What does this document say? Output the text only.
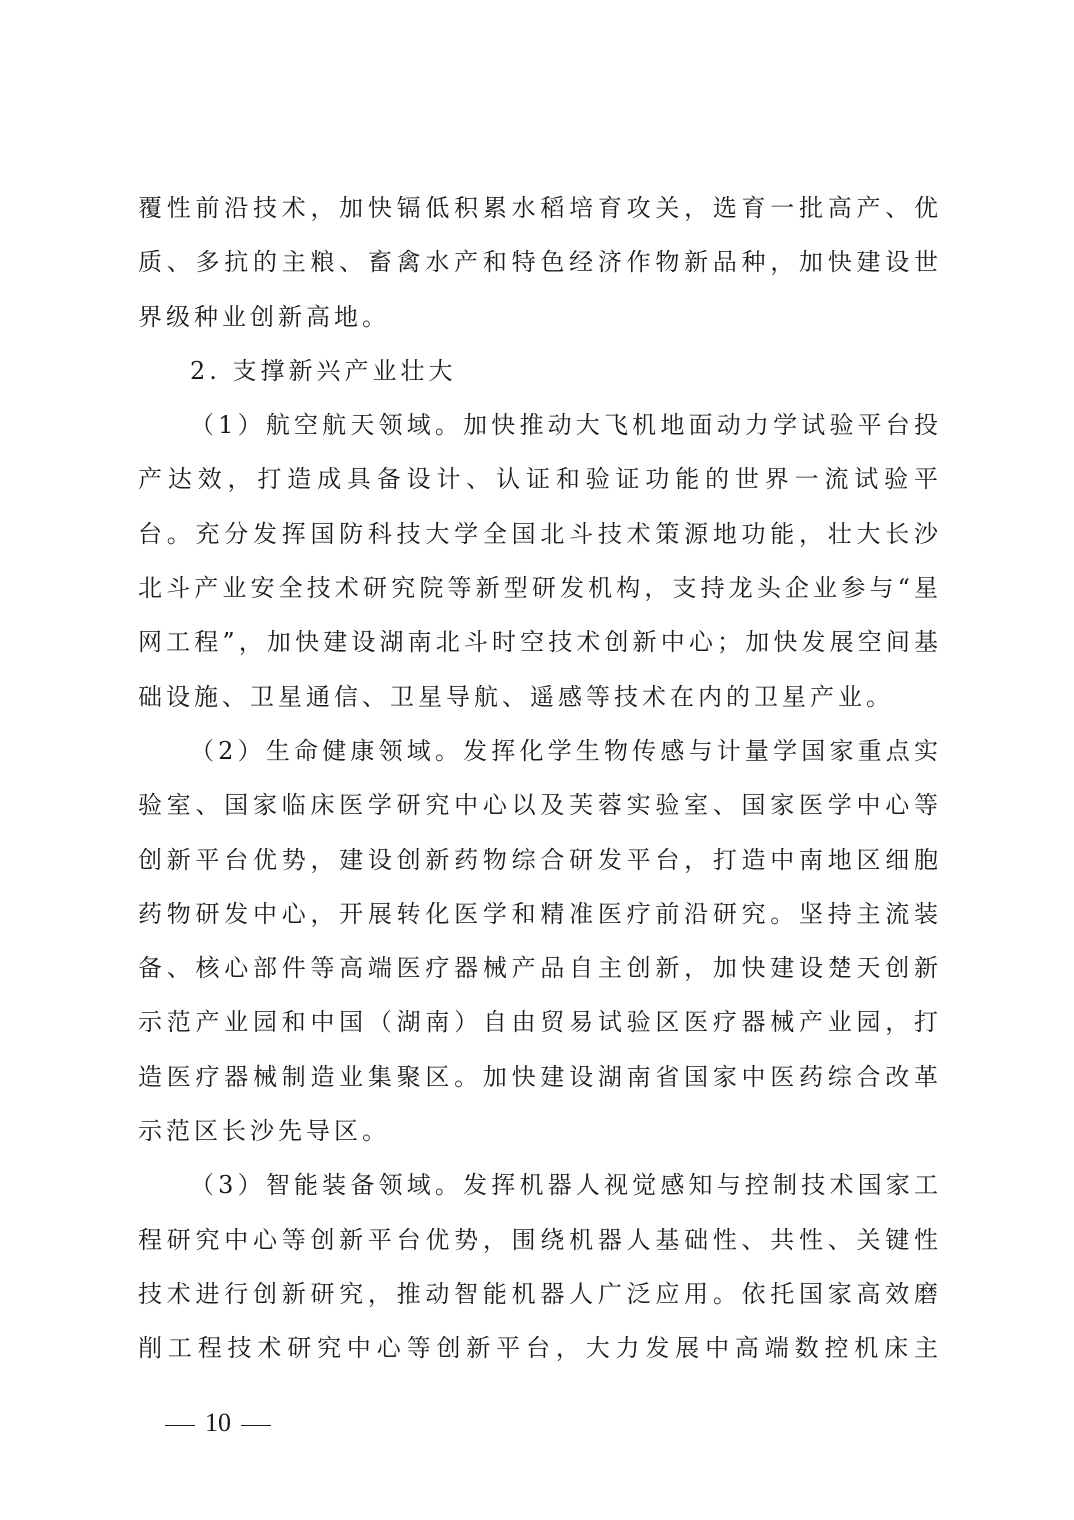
覆性前沿技术，加快镉低积累水稻培育攻关，选育一批高产、优
质、多抗的主粮、畜禽水产和特色经济作物新品种，加快建设世
界级种业创新高地。
2. 支撑新兴产业壮大
（1）航空航天领域。加快推动大飞机地面动力学试验平台投
产达效，打造成具备设计、认证和验证功能的世界一流试验平
台。充分发挥国防科技大学全国北斗技术策源地功能，壮大长沙
北斗产业安全技术研究院等新型研发机构，支持龙头企业参与“星
网工程”，加快建设湖南北斗时空技术创新中心；加快发展空间基
础设施、卫星通信、卫星导航、遥感等技术在内的卫星产业。
（2）生命健康领域。发挥化学生物传感与计量学国家重点实
验室、国家临床医学研究中心以及芙蓉实验室、国家医学中心等
创新平台优势，建设创新药物综合研发平台，打造中南地区细胞
药物研发中心，开展转化医学和精准医疗前沿研究。坚持主流装
备、核心部件等高端医疗器械产品自主创新，加快建设楚天创新
示范产业园和中国（湖南）自由贸易试验区医疗器械产业园，打
造医疗器械制造业集聚区。加快建设湖南省国家中医药综合改革
示范区长沙先导区。
（3）智能装备领域。发挥机器人视觉感知与控制技术国家工
程研究中心等创新平台优势，围绕机器人基础性、共性、关键性
技术进行创新研究，推动智能机器人广泛应用。依托国家高效磨
削工程技术研究中心等创新平台，大力发展中高端数控机床主
10
